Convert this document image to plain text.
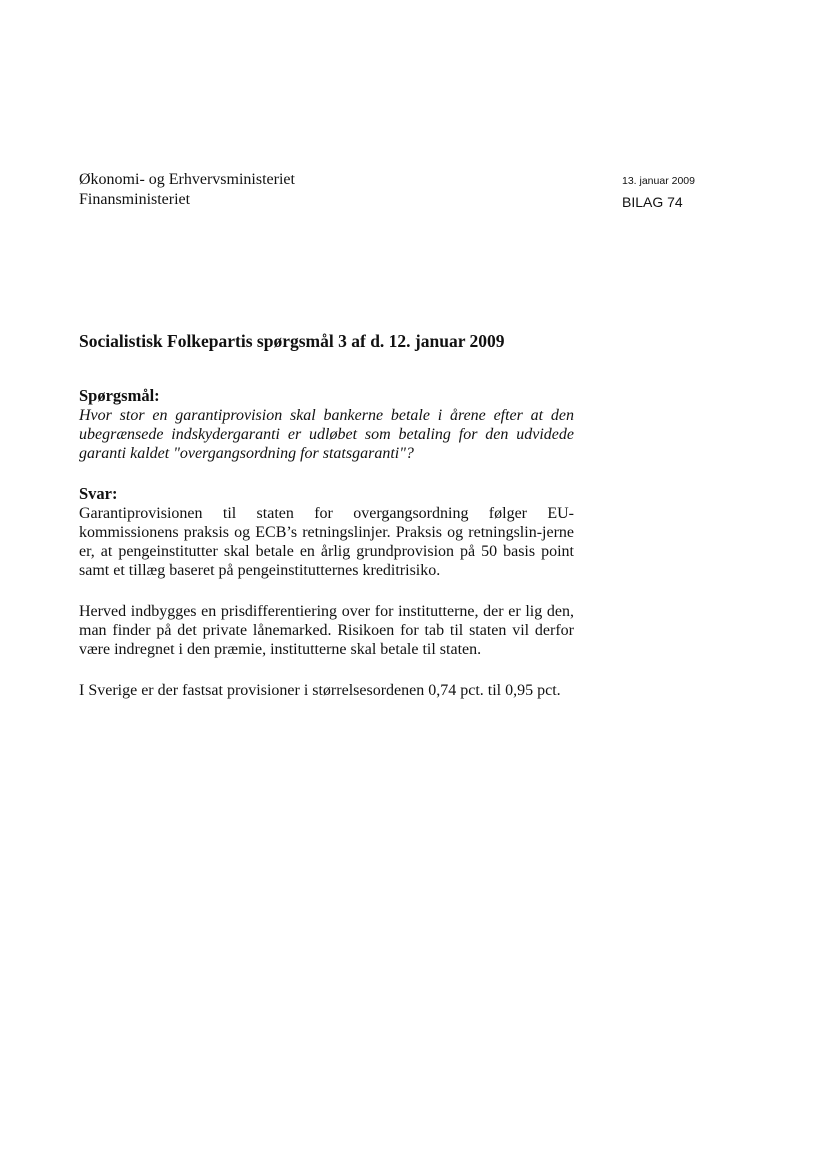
Økonomi- og Erhvervsministeriet
Finansministeriet
13. januar 2009
BILAG 74
Socialistisk Folkepartis spørgsmål 3 af d. 12. januar 2009
Spørgsmål:

Hvor stor en garantiprovision skal bankerne betale i årene efter at den ubegrænsede indskydergaranti er udløbet som betaling for den udvidede garanti kaldet "overgangsordning for statsgaranti"?

Svar:

Garantiprovisionen til staten for overgangsordning følger EU-kommissionens praksis og ECB’s retningslinjer. Praksis og retningslin-jerne er, at pengeinstitutter skal betale en årlig grundprovision på 50 basis point samt et tillæg baseret på pengeinstitutternes kreditrisiko.

Herved indbygges en prisdifferentiering over for institutterne, der er lig den, man finder på det private lånemarked. Risikoen for tab til staten vil derfor være indregnet i den præmie, institutterne skal betale til staten.

I Sverige er der fastsat provisioner i størrelsesordenen 0,74 pct. til 0,95 pct.
